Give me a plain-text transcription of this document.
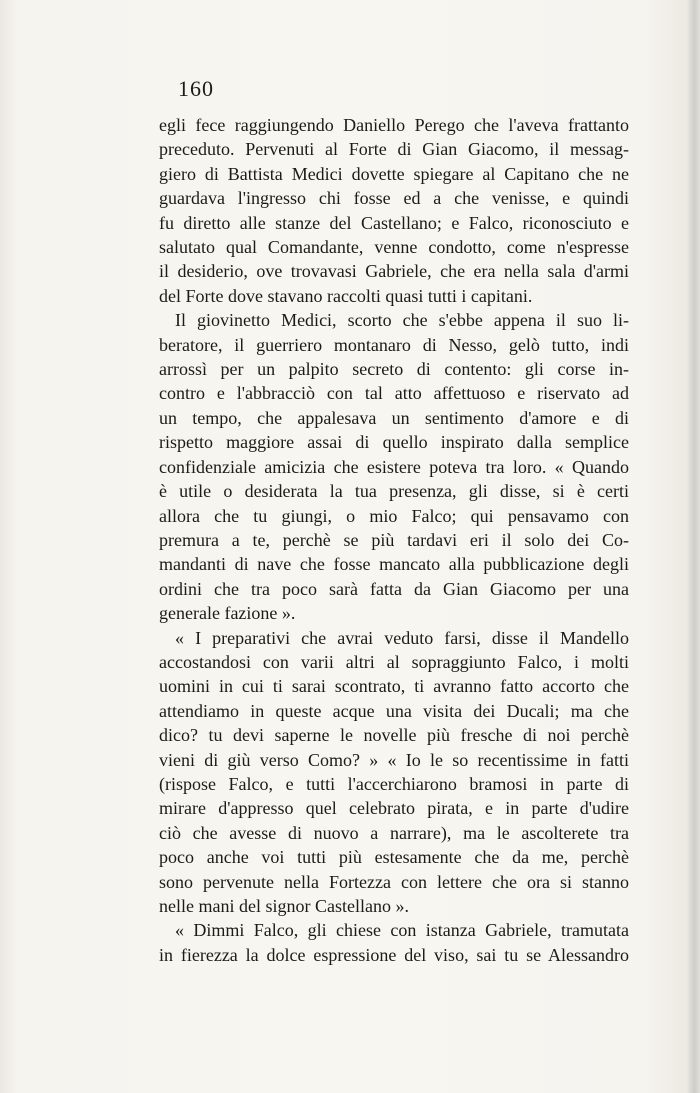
160
egli fece raggiungendo Daniello Perego che l'aveva frattanto
preceduto. Pervenuti al Forte di Gian Giacomo, il messag-
giero di Battista Medici dovette spiegare al Capitano che ne
guardava l'ingresso chi fosse ed a che venisse, e quindi
fu diretto alle stanze del Castellano; e Falco, riconosciuto e
salutato qual Comandante, venne condotto, come n'espresse
il desiderio, ove trovavasi Gabriele, che era nella sala d'armi
del Forte dove stavano raccolti quasi tutti i capitani.
Il giovinetto Medici, scorto che s'ebbe appena il suo li-
beratore, il guerriero montanaro di Nesso, gelò tutto, indi
arrossì per un palpito secreto di contento: gli corse in-
contro e l'abbracciò con tal atto affettuoso e riservato ad
un tempo, che appalesava un sentimento d'amore e di
rispetto maggiore assai di quello inspirato dalla semplice
confidenziale amicizia che esistere poteva tra loro. « Quando
è utile o desiderata la tua presenza, gli disse, si è certi
allora che tu giungi, o mio Falco; qui pensavamo con
premura a te, perchè se più tardavi eri il solo dei Co-
mandanti di nave che fosse mancato alla pubblicazione degli
ordini che tra poco sarà fatta da Gian Giacomo per una
generale fazione ».
« I preparativi che avrai veduto farsi, disse il Mandello
accostandosi con varii altri al sopraggiunto Falco, i molti
uomini in cui ti sarai scontrato, ti avranno fatto accorto che
attendiamo in queste acque una visita dei Ducali; ma che
dico? tu devi saperne le novelle più fresche di noi perchè
vieni di giù verso Como? » « Io le so recentissime in fatti
(rispose Falco, e tutti l'accerchiarono bramosi in parte di
mirare d'appresso quel celebrato pirata, e in parte d'udire
ciò che avesse di nuovo a narrare), ma le ascolterete tra
poco anche voi tutti più estesamente che da me, perchè
sono pervenute nella Fortezza con lettere che ora si stanno
nelle mani del signor Castellano ».
« Dimmi Falco, gli chiese con istanza Gabriele, tramutata
in fierezza la dolce espressione del viso, sai tu se Alessandro
